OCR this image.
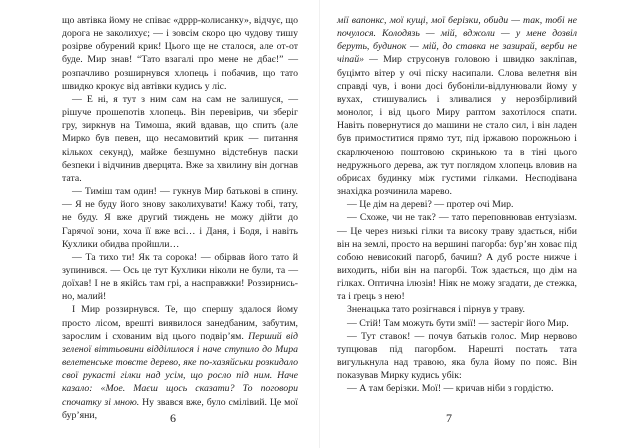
що автівка йому не співає «дррр-колисанку», відчує, що дорога не заколихує; — і зовсім скоро цю чудову тишу розірве обурений крик! Цього ще не сталося, але от-от буде. Мир знав! “Тато взагалі про мене не дбає!” — розпачливо розширнувся хлопець і побачив, що тато швидко крокує від автівки кудись у ліс.

— Е ні, я тут з ним сам на сам не залишуся, — рішуче прошепотів хлопець. Він перевірив, чи зберіг гру, зиркнув на Тимоша, який вдавав, що спить (але Мирко був певен, що несамовитий крик — питання кількох секунд), майже безшумно відстебнув паски безпеки і відчинив дверцята. Вже за хвилину він догнав тата.

— Тиміш там один! — гукнув Мир батькові в спину. — Я не буду його знову заколихувати! Кажу тобі, тату, не буду. Я вже другий тиждень не можу дійти до Гарячої зони, хоча її вже всі… і Даня, і Бодя, і навіть Кухлики обидва пройшли…

— Та тихо ти! Як та сорока! — обірвав його тато й зупинився. — Ось це тут Кухлики ніколи не були, та — доїхав! І не в якійсь там грі, а насправжки! Роззирнись-но, малий!

І Мир роззирнувся. Те, що спершу здалося йому просто лісом, врешті виявилося занедбаним, забутим, зарослим і схованим від цього подвір’ям. Перший від зеленої віттьовини відділилося і наче ступило до Мира велетенське товсте дерево, яке по-хазяйськи розкидало свої рукасті гілки над усім, що росло під ним. Наче казало: «Мое. Маєш щось сказати? То поговори спочатку зі мною. Ну звався вже, було смілівий. Це мої бур’яни,	6

мії вапонкс, мої кущі, мої берізки, обиди — так, тобі не почулося. Колодязь — мій, вджоли — у мене дозвіл беруть, будинок — мій, до ставка не зазирай, верби не чіпай» — Мир струсонув головою і швидко закліпав, буцімто вітер у очі піску насипали. Слова велетня він справді чув, і вони досі бубоніли-відлунювали йому у вухах, стишувались і зливалися у нерозбірливий монолог, і від цього Миру раптом захотілося спати. Навіть повернутися до машини не стало сил, і він ладен був примоститися прямо тут, під іржавою порожньою і скарлюченою поштовою скринькою та в тіні цього недружнього дерева, аж тут поглядом хлопець вловив на обрисах будинку між густими гілками. Несподівана знахідка розчинила марево.

— Це дім на дереві? — протер очі Мир.

— Схоже, чи не так? — тато переповнював ентузіазм. — Це через низькі гілки та високу траву здається, ніби він на землі, просто на вершині пагорба: бур’ян ховає під собою невисокий пагорб, бачиш? А дуб росте нижче і виходить, ніби він на пагорбі. Тож здається, що дім на гілках. Оптична ілюзія! Ніяк не можу згадати, де стежка, та і ґрець з нею!

Зненацька тато розігнався і пірнув у траву.

— Стій! Там можуть бути змії! — застеріг його Мир.

— Тут ставок! — почув батьків голос. Мир нервово тупцював під пагорбом. Нарешті постать тата вигулькнула над травою, яка була йому по пояс. Він показував Мирку кудись убік:

— А там берізки. Мої! — кричав ніби з гордістю.

7
